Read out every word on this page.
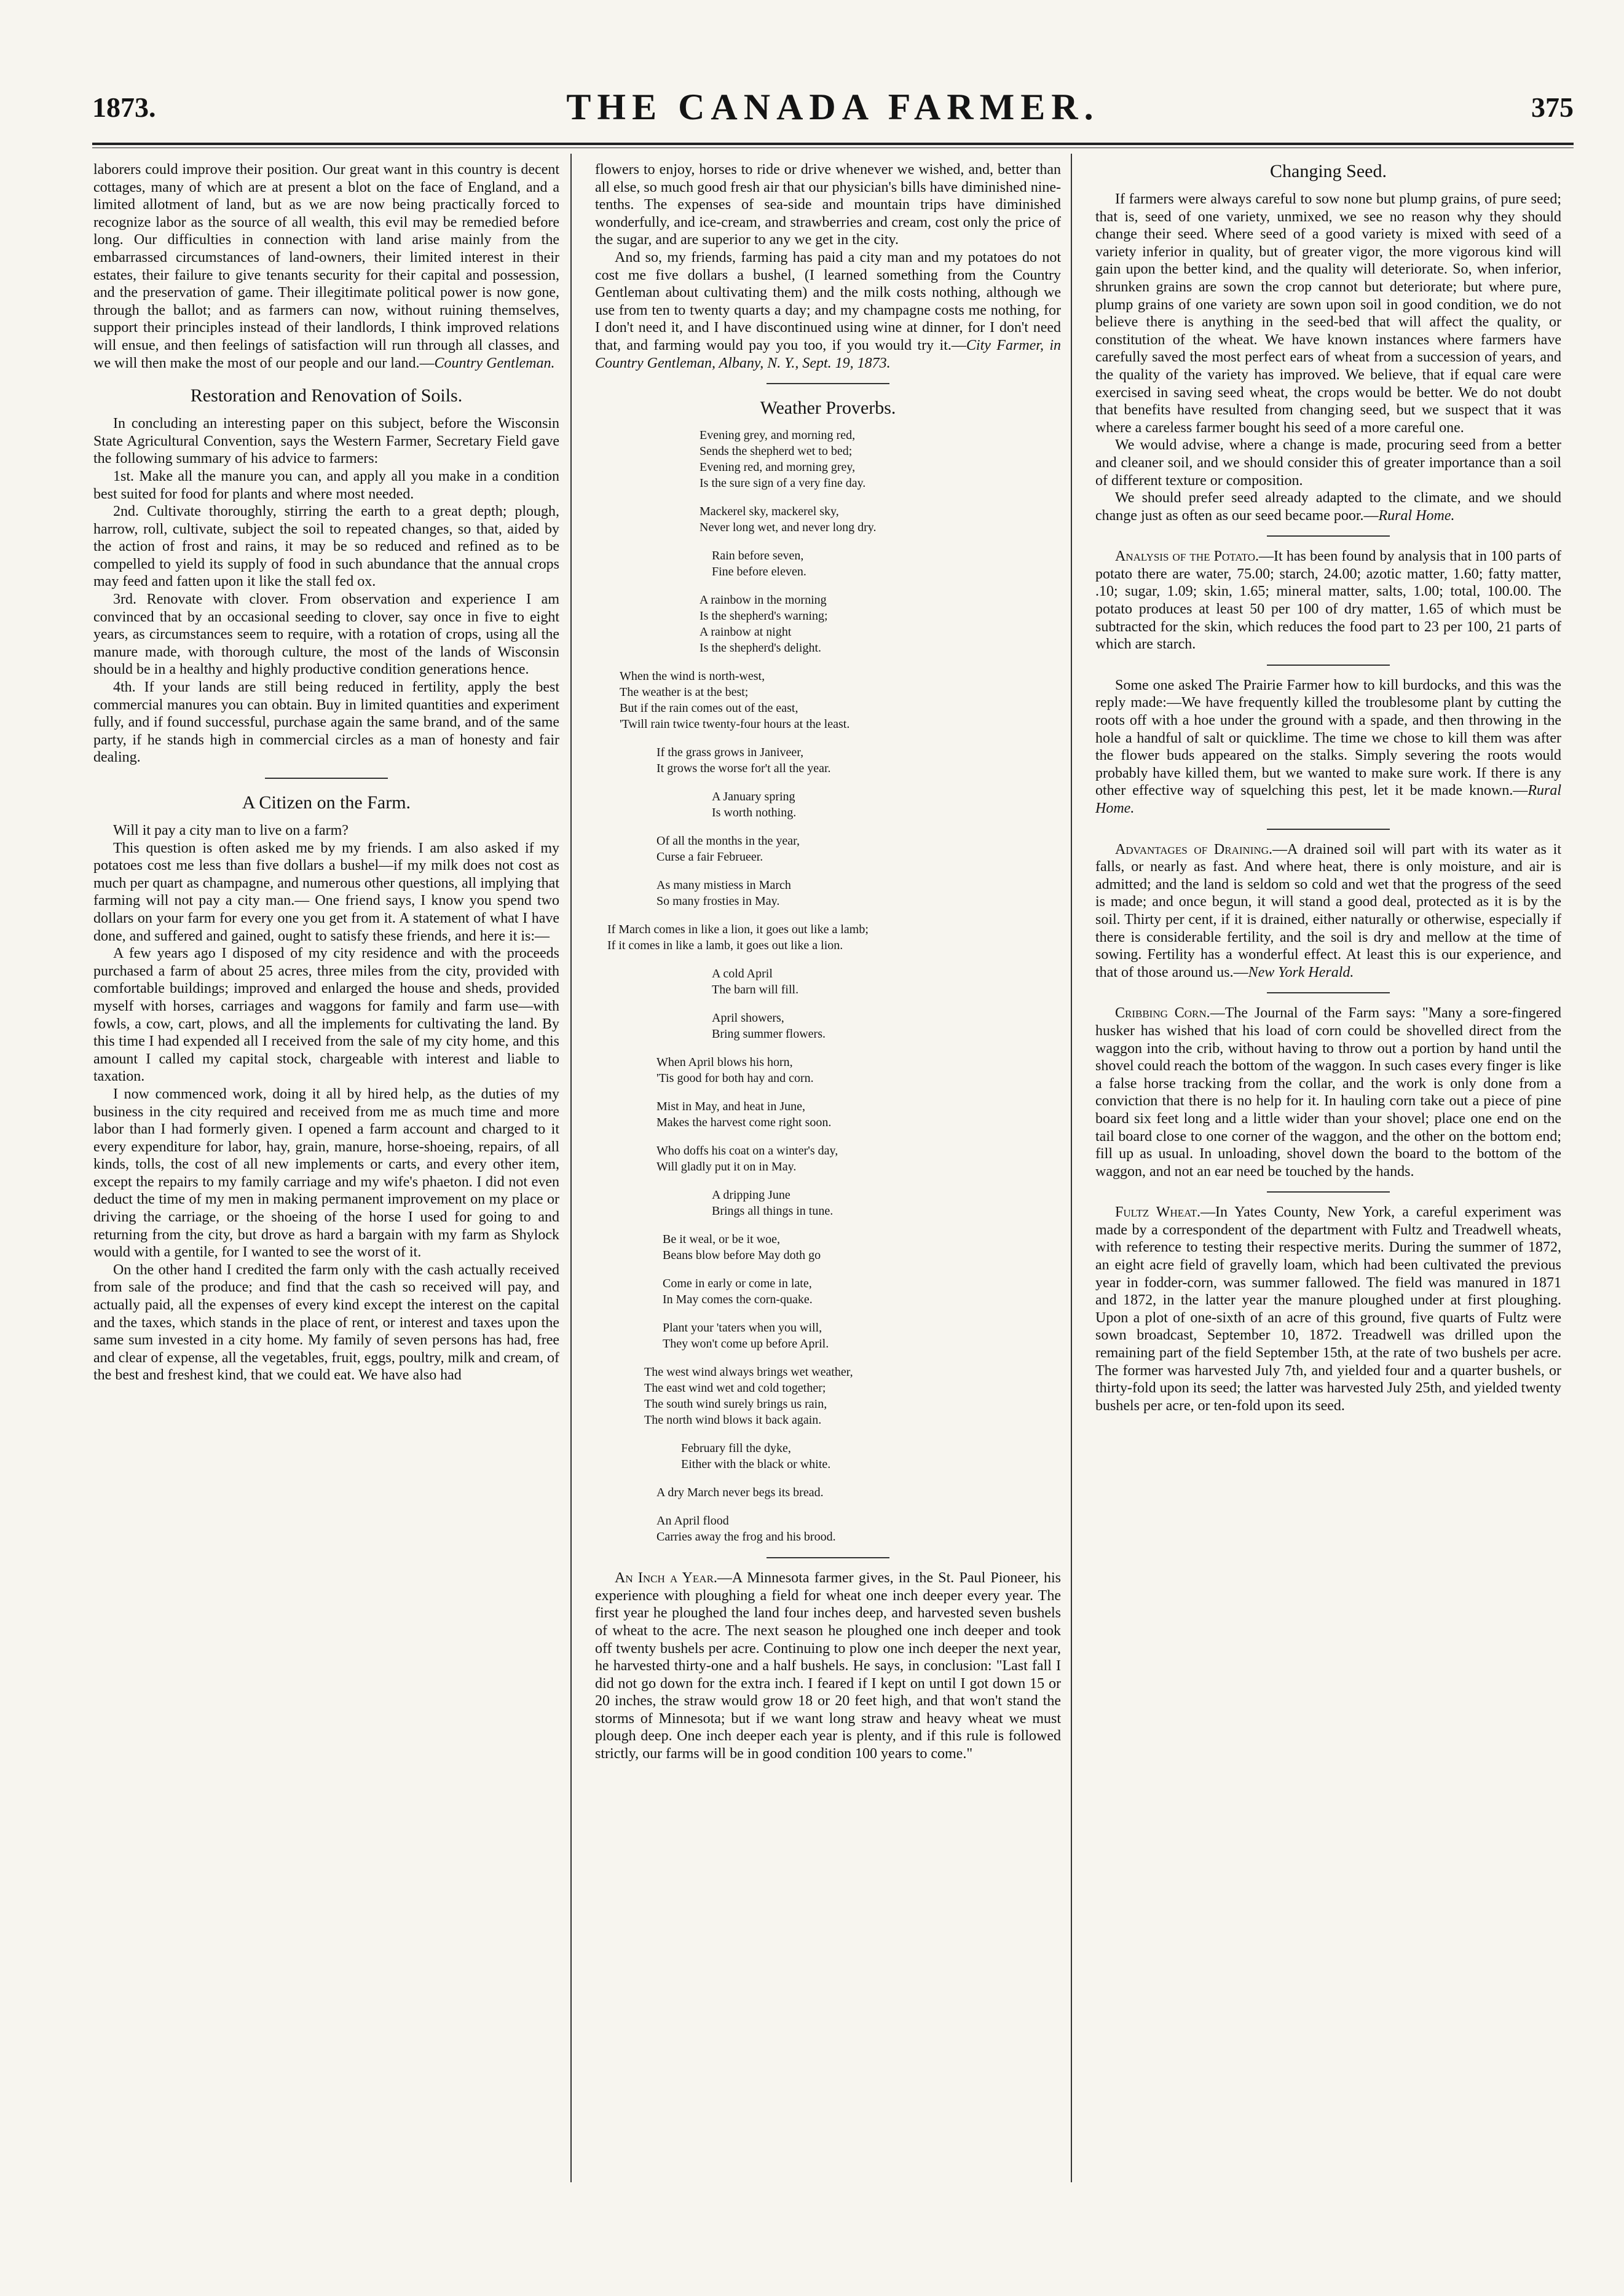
1873.	THE CANADA FARMER.	375

laborers could improve their position. Our great want in this country is decent cottages, many of which are at present a blot on the face of England, and a limited allotment of land, but as we are now being practically forced to recognize labor as the source of all wealth, this evil may be remedied before long. Our difficulties in connection with land arise mainly from the embarrassed circumstances of land-owners, their limited interest in their estates, their failure to give tenants security for their capital and possession, and the preservation of game. Their illegitimate political power is now gone, through the ballot; and as farmers can now, without ruining themselves, support their principles instead of their landlords, I think improved relations will ensue, and then feelings of satisfaction will run through all classes, and we will then make the most of our people and our land.—Country Gentleman.

Restoration and Renovation of Soils.

In concluding an interesting paper on this subject, before the Wisconsin State Agricultural Convention, says the Western Farmer, Secretary Field gave the following summary of his advice to farmers:

1st. Make all the manure you can, and apply all you make in a condition best suited for food for plants and where most needed.

2nd. Cultivate thoroughly, stirring the earth to a great depth; plough, harrow, roll, cultivate, subject the soil to repeated changes, so that, aided by the action of frost and rains, it may be so reduced and refined as to be compelled to yield its supply of food in such abundance that the annual crops may feed and fatten upon it like the stall fed ox.

3rd. Renovate with clover. From observation and experience I am convinced that by an occasional seeding to clover, say once in five to eight years, as circumstances seem to require, with a rotation of crops, using all the manure made, with thorough culture, the most of the lands of Wisconsin should be in a healthy and highly productive condition generations hence.

4th. If your lands are still being reduced in fertility, apply the best commercial manures you can obtain. Buy in limited quantities and experiment fully, and if found successful, purchase again the same brand, and of the same party, if he stands high in commercial circles as a man of honesty and fair dealing.

A Citizen on the Farm.

Will it pay a city man to live on a farm?

This question is often asked me by my friends. I am also asked if my potatoes cost me less than five dollars a bushel—if my milk does not cost as much per quart as champagne, and numerous other questions, all implying that farming will not pay a city man.— One friend says, I know you spend two dollars on your farm for every one you get from it. A statement of what I have done, and suffered and gained, ought to satisfy these friends, and here it is:—

A few years ago I disposed of my city residence and with the proceeds purchased a farm of about 25 acres, three miles from the city, provided with comfortable buildings; improved and enlarged the house and sheds, provided myself with horses, carriages and waggons for family and farm use—with fowls, a cow, cart, plows, and all the implements for cultivating the land. By this time I had expended all I received from the sale of my city home, and this amount I called my capital stock, chargeable with interest and liable to taxation.

I now commenced work, doing it all by hired help, as the duties of my business in the city required and received from me as much time and more labor than I had formerly given. I opened a farm account and charged to it every expenditure for labor, hay, grain, manure, horse-shoeing, repairs, of all kinds, tolls, the cost of all new implements or carts, and every other item, except the repairs to my family carriage and my wife's phaeton. I did not even deduct the time of my men in making permanent improvement on my place or driving the carriage, or the shoeing of the horse I used for going to and returning from the city, but drove as hard a bargain with my farm as Shylock would with a gentile, for I wanted to see the worst of it.

On the other hand I credited the farm only with the cash actually received from sale of the produce; and find that the cash so received will pay, and actually paid, all the expenses of every kind except the interest on the capital and the taxes, which stands in the place of rent, or interest and taxes upon the same sum invested in a city home. My family of seven persons has had, free and clear of expense, all the vegetables, fruit, eggs, poultry, milk and cream, of the best and freshest kind, that we could eat. We have also had

flowers to enjoy, horses to ride or drive whenever we wished, and, better than all else, so much good fresh air that our physician's bills have diminished nine-tenths. The expenses of sea-side and mountain trips have diminished wonderfully, and ice-cream, and strawberries and cream, cost only the price of the sugar, and are superior to any we get in the city.

And so, my friends, farming has paid a city man and my potatoes do not cost me five dollars a bushel, (I learned something from the Country Gentleman about cultivating them) and the milk costs nothing, although we use from ten to twenty quarts a day; and my champagne costs me nothing, for I don't need it, and I have discontinued using wine at dinner, for I don't need that, and farming would pay you too, if you would try it.—City Farmer, in Country Gentleman, Albany, N. Y., Sept. 19, 1873.

Weather Proverbs.
Evening grey, and morning red,
Sends the shepherd wet to bed;
Evening red, and morning grey,
Is the sure sign of a very fine day.
Mackerel sky, mackerel sky,
Never long wet, and never long dry.
Rain before seven,
Fine before eleven.
A rainbow in the morning
Is the shepherd's warning;
A rainbow at night
Is the shepherd's delight.
When the wind is north-west,
The weather is at the best;
But if the rain comes out of the east,
'Twill rain twice twenty-four hours at the least.
If the grass grows in Janiveer,
It grows the worse for't all the year.
A January spring
Is worth nothing.
Of all the months in the year,
Curse a fair Februeer.
As many mistiess in March
So many frosties in May.
If March comes in like a lion, it goes out like a lamb;
If it comes in like a lamb, it goes out like a lion.
A cold April
The barn will fill.
April showers,
Bring summer flowers.
When April blows his horn,
'Tis good for both hay and corn.
Mist in May, and heat in June,
Makes the harvest come right soon.
Who doffs his coat on a winter's day,
Will gladly put it on in May.
A dripping June
Brings all things in tune.
Be it weal, or be it woe,
Beans blow before May doth go
Come in early or come in late,
In May comes the corn-quake.
Plant your 'taters when you will,
They won't come up before April.
The west wind always brings wet weather,
The east wind wet and cold together;
The south wind surely brings us rain,
The north wind blows it back again.
February fill the dyke,
Either with the black or white.
A dry March never begs its bread.
An April flood
Carries away the frog and his brood.

An Inch a Year.—A Minnesota farmer gives, in the St. Paul Pioneer, his experience with ploughing a field for wheat one inch deeper every year. The first year he ploughed the land four inches deep, and harvested seven bushels of wheat to the acre. The next season he ploughed one inch deeper and took off twenty bushels per acre. Continuing to plow one inch deeper the next year, he harvested thirty-one and a half bushels. He says, in conclusion: "Last fall I did not go down for the extra inch. I feared if I kept on until I got down 15 or 20 inches, the straw would grow 18 or 20 feet high, and that won't stand the storms of Minnesota; but if we want long straw and heavy wheat we must plough deep. One inch deeper each year is plenty, and if this rule is followed strictly, our farms will be in good condition 100 years to come."

Changing Seed.

If farmers were always careful to sow none but plump grains, of pure seed; that is, seed of one variety, unmixed, we see no reason why they should change their seed. Where seed of a good variety is mixed with seed of a variety inferior in quality, but of greater vigor, the more vigorous kind will gain upon the better kind, and the quality will deteriorate. So, when inferior, shrunken grains are sown the crop cannot but deteriorate; but where pure, plump grains of one variety are sown upon soil in good condition, we do not believe there is anything in the seed-bed that will affect the quality, or constitution of the wheat. We have known instances where farmers have carefully saved the most perfect ears of wheat from a succession of years, and the quality of the variety has improved. We believe, that if equal care were exercised in saving seed wheat, the crops would be better. We do not doubt that benefits have resulted from changing seed, but we suspect that it was where a careless farmer bought his seed of a more careful one.

We would advise, where a change is made, procuring seed from a better and cleaner soil, and we should consider this of greater importance than a soil of different texture or composition.

We should prefer seed already adapted to the climate, and we should change just as often as our seed became poor.—Rural Home.

Analysis of the Potato.—It has been found by analysis that in 100 parts of potato there are water, 75.00; starch, 24.00; azotic matter, 1.60; fatty matter, .10; sugar, 1.09; skin, 1.65; mineral matter, salts, 1.00; total, 100.00. The potato produces at least 50 per 100 of dry matter, 1.65 of which must be subtracted for the skin, which reduces the food part to 23 per 100, 21 parts of which are starch.

Some one asked The Prairie Farmer how to kill burdocks, and this was the reply made:—We have frequently killed the troublesome plant by cutting the roots off with a hoe under the ground with a spade, and then throwing in the hole a handful of salt or quicklime. The time we chose to kill them was after the flower buds appeared on the stalks. Simply severing the roots would probably have killed them, but we wanted to make sure work. If there is any other effective way of squelching this pest, let it be made known.—Rural Home.

Advantages of Draining.—A drained soil will part with its water as it falls, or nearly as fast. And where heat, there is only moisture, and air is admitted; and the land is seldom so cold and wet that the progress of the seed is made; and once begun, it will stand a good deal, protected as it is by the soil. Thirty per cent, if it is drained, either naturally or otherwise, especially if there is considerable fertility, and the soil is dry and mellow at the time of sowing. Fertility has a wonderful effect. At least this is our experience, and that of those around us.—New York Herald.

Cribbing Corn.—The Journal of the Farm says: "Many a sore-fingered husker has wished that his load of corn could be shovelled direct from the waggon into the crib, without having to throw out a portion by hand until the shovel could reach the bottom of the waggon. In such cases every finger is like a false horse tracking from the collar, and the work is only done from a conviction that there is no help for it. In hauling corn take out a piece of pine board six feet long and a little wider than your shovel; place one end on the tail board close to one corner of the waggon, and the other on the bottom end; fill up as usual. In unloading, shovel down the board to the bottom of the waggon, and not an ear need be touched by the hands.

Fultz Wheat.—In Yates County, New York, a careful experiment was made by a correspondent of the department with Fultz and Treadwell wheats, with reference to testing their respective merits. During the summer of 1872, an eight acre field of gravelly loam, which had been cultivated the previous year in fodder-corn, was summer fallowed. The field was manured in 1871 and 1872, in the latter year the manure ploughed under at first ploughing. Upon a plot of one-sixth of an acre of this ground, five quarts of Fultz were sown broadcast, September 10, 1872. Treadwell was drilled upon the remaining part of the field September 15th, at the rate of two bushels per acre. The former was harvested July 7th, and yielded four and a quarter bushels, or thirty-fold upon its seed; the latter was harvested July 25th, and yielded twenty bushels per acre, or ten-fold upon its seed.
